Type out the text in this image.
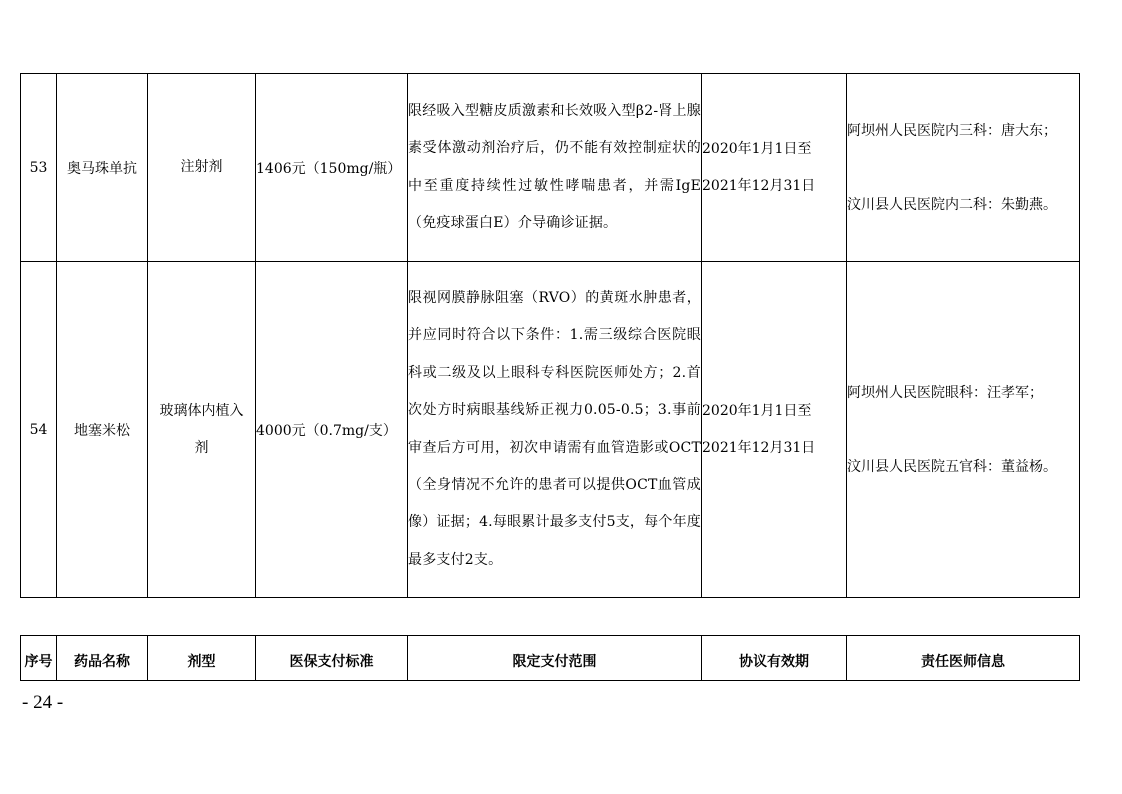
53	奥马珠单抗	注射剂	1406元（150mg/瓶）	限经吸入型糖皮质激素和长效吸入型β2-肾上腺素受体激动剂治疗后，仍不能有效控制症状的中至重度持续性过敏性哮喘患者，并需IgE（免疫球蛋白E）介导确诊证据。	2020年1月1日至
2021年12月31日	阿坝州人民医院内三科：唐大东；
汶川县人民医院内二科：朱勤燕。

54	地塞米松	玻璃体内植入
剂	4000元（0.7mg/支）	限视网膜静脉阻塞（RVO）的黄斑水肿患者，并应同时符合以下条件：1.需三级综合医院眼科或二级及以上眼科专科医院医师处方；2.首次处方时病眼基线矫正视力0.05-0.5；3.事前审查后方可用，初次申请需有血管造影或OCT（全身情况不允许的患者可以提供OCT血管成像）证据；4.每眼累计最多支付5支，每个年度最多支付2支。	2020年1月1日至
2021年12月31日	阿坝州人民医院眼科：汪孝军；
汶川县人民医院五官科：董益杨。
序号	药品名称	剂型	医保支付标准	限定支付范围	协议有效期	责任医师信息
- 24 -
